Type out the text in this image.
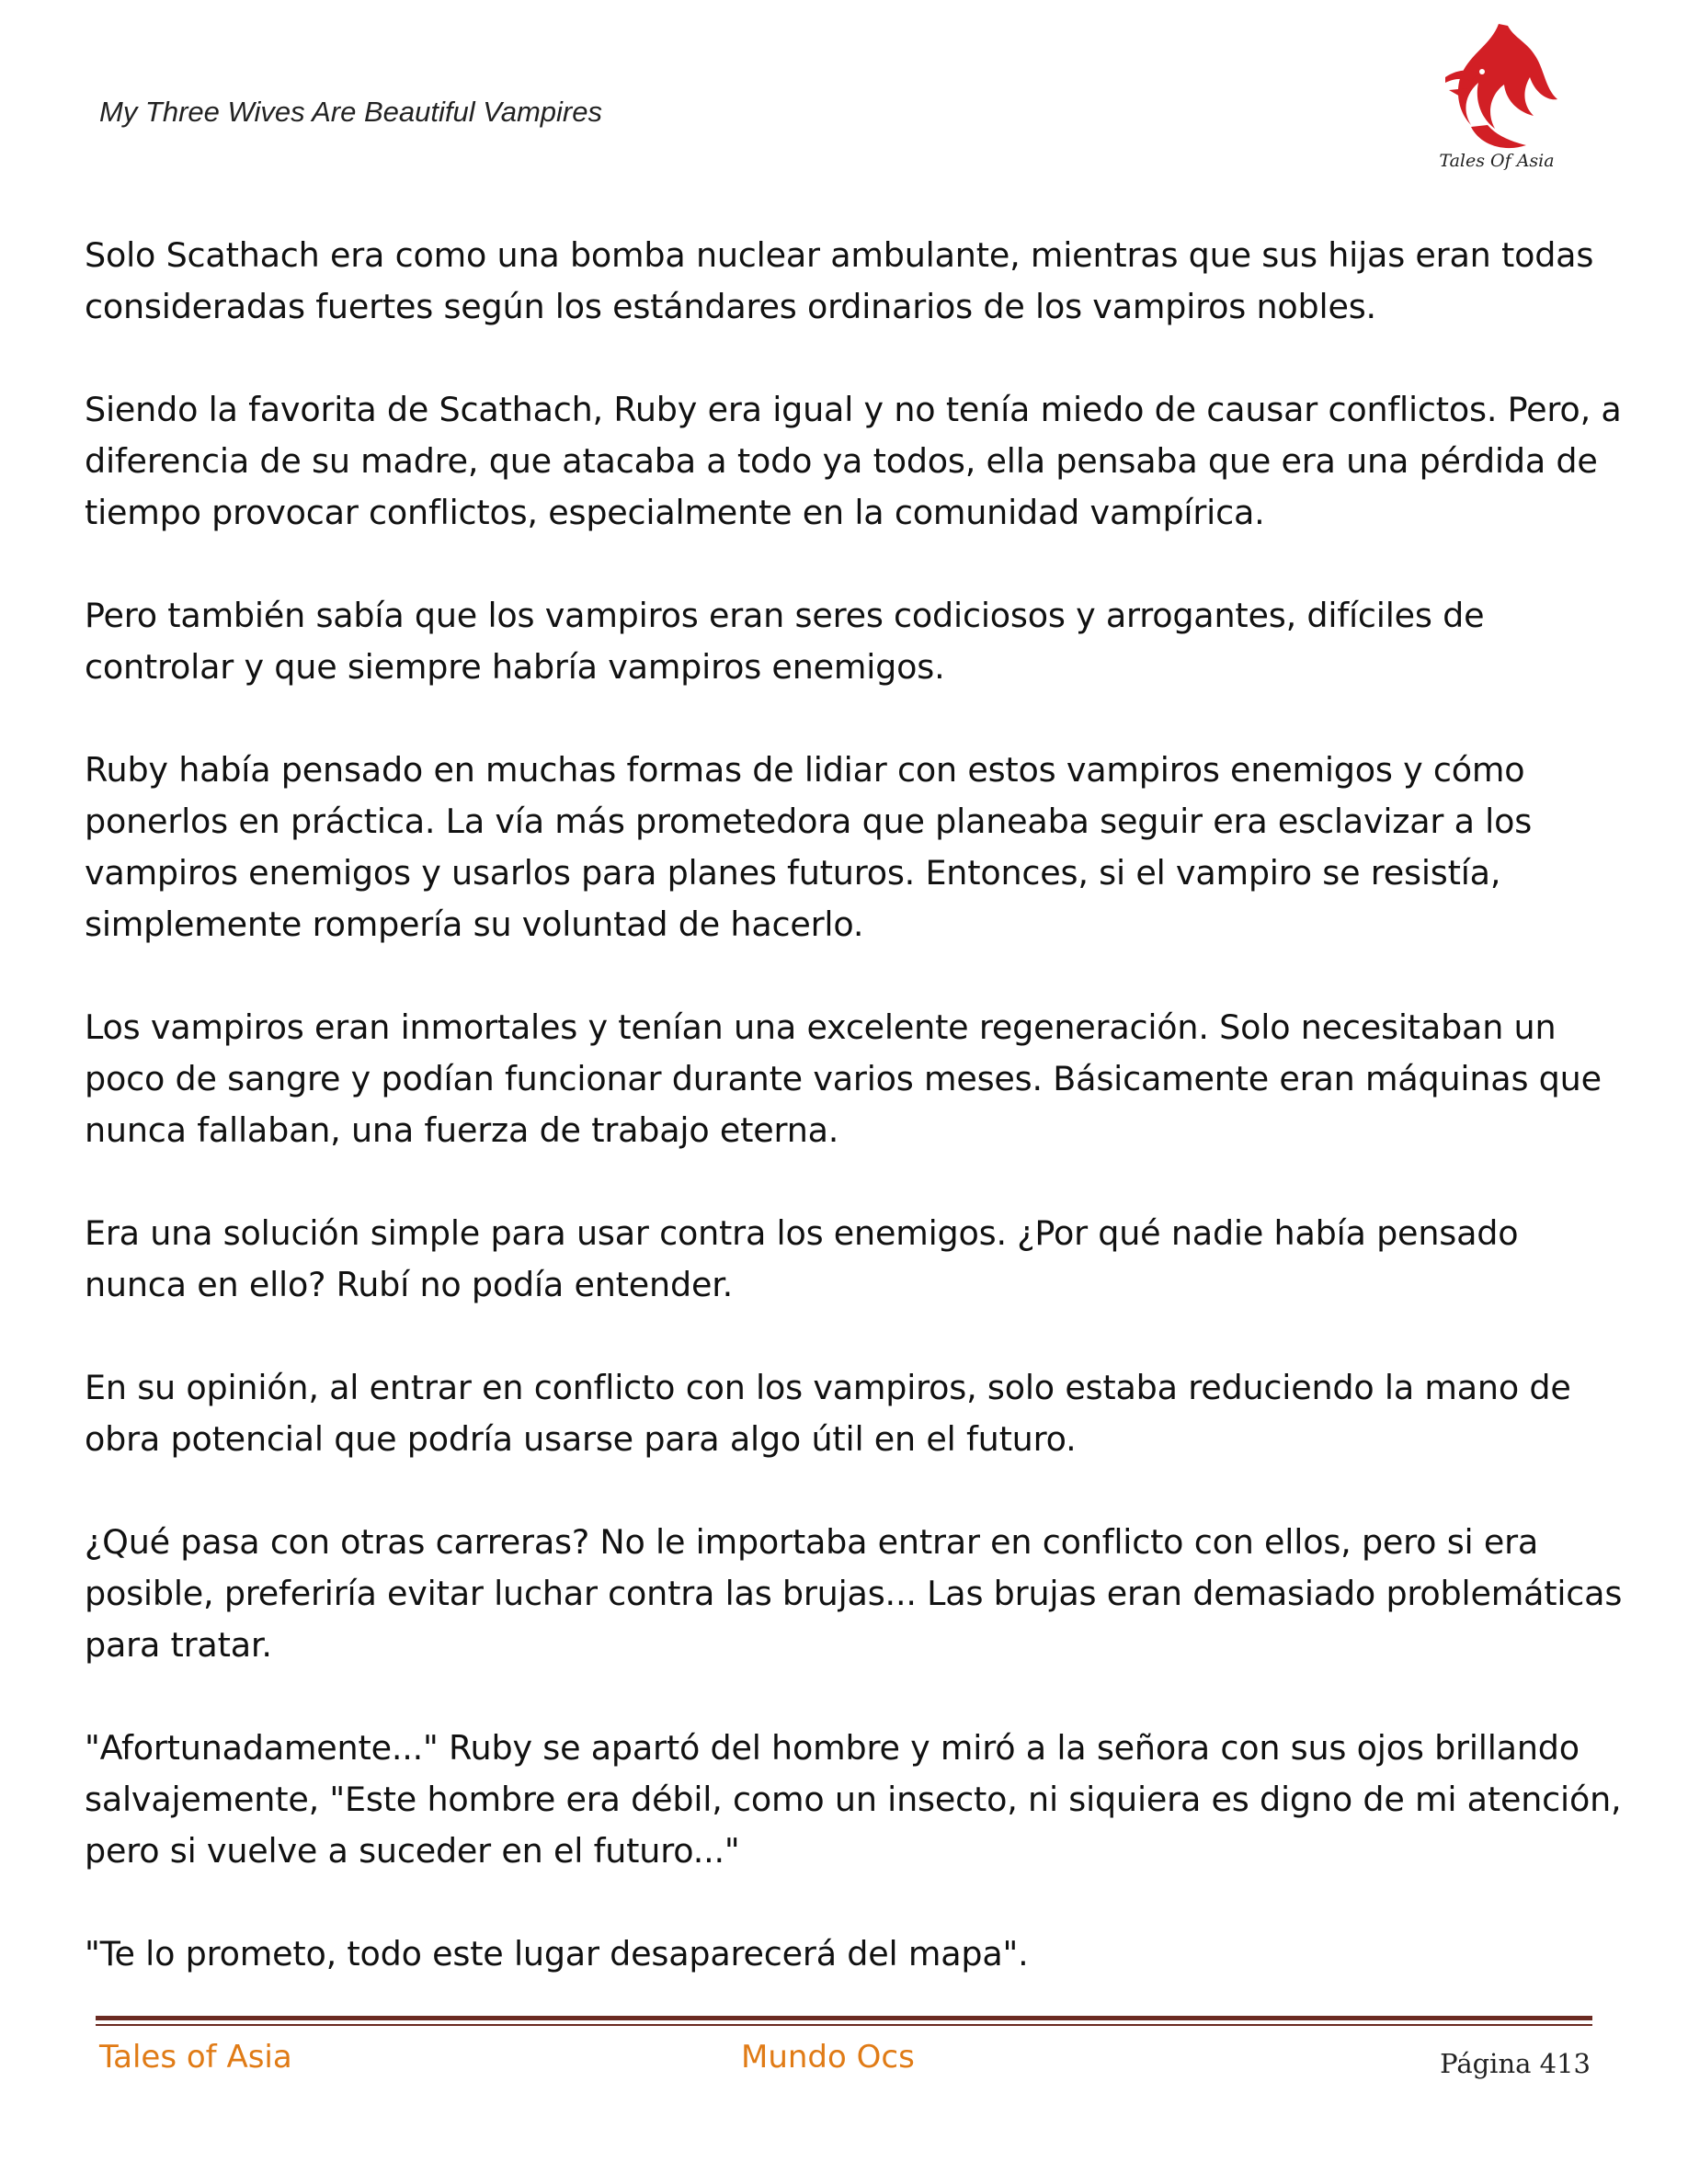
My Three Wives Are Beautiful Vampires
Tales Of Asia

Solo Scathach era como una bomba nuclear ambulante, mientras que sus hijas eran todas consideradas fuertes según los estándares ordinarios de los vampiros nobles.

Siendo la favorita de Scathach, Ruby era igual y no tenía miedo de causar conflictos. Pero, a diferencia de su madre, que atacaba a todo ya todos, ella pensaba que era una pérdida de tiempo provocar conflictos, especialmente en la comunidad vampírica.

Pero también sabía que los vampiros eran seres codiciosos y arrogantes, difíciles de controlar y que siempre habría vampiros enemigos.

Ruby había pensado en muchas formas de lidiar con estos vampiros enemigos y cómo ponerlos en práctica. La vía más prometedora que planeaba seguir era esclavizar a los vampiros enemigos y usarlos para planes futuros. Entonces, si el vampiro se resistía, simplemente rompería su voluntad de hacerlo.

Los vampiros eran inmortales y tenían una excelente regeneración. Solo necesitaban un poco de sangre y podían funcionar durante varios meses. Básicamente eran máquinas que nunca fallaban, una fuerza de trabajo eterna.

Era una solución simple para usar contra los enemigos. ¿Por qué nadie había pensado nunca en ello? Rubí no podía entender.

En su opinión, al entrar en conflicto con los vampiros, solo estaba reduciendo la mano de obra potencial que podría usarse para algo útil en el futuro.

¿Qué pasa con otras carreras? No le importaba entrar en conflicto con ellos, pero si era posible, preferiría evitar luchar contra las brujas... Las brujas eran demasiado problemáticas para tratar.

"Afortunadamente..." Ruby se apartó del hombre y miró a la señora con sus ojos brillando salvajemente, "Este hombre era débil, como un insecto, ni siquiera es digno de mi atención, pero si vuelve a suceder en el futuro..."

"Te lo prometo, todo este lugar desaparecerá del mapa".

Tales of Asia	Mundo Ocs	Página 413
